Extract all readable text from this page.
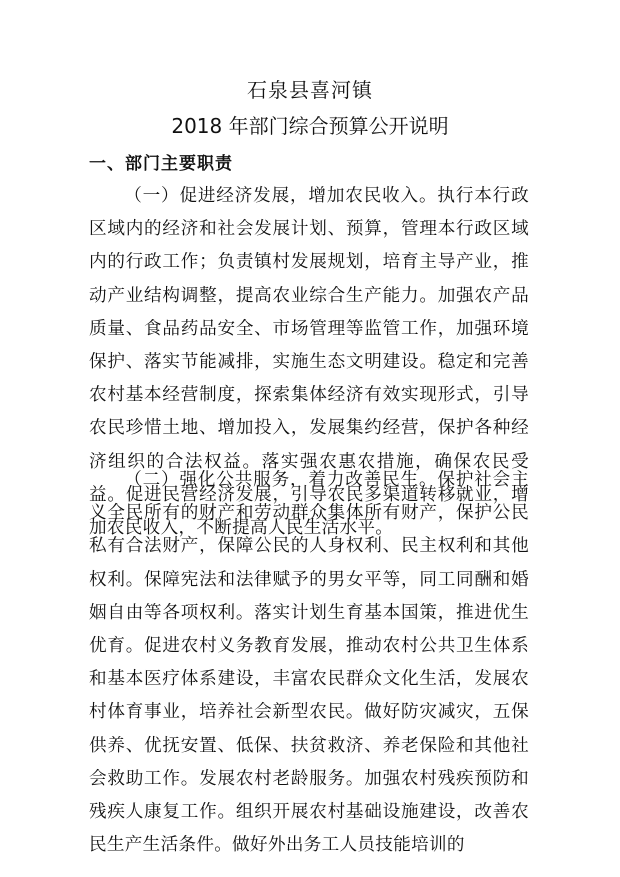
石泉县喜河镇
2018 年部门综合预算公开说明
一、部门主要职责

（一）促进经济发展，增加农民收入。执行本行政区域内的经济和社会发展计划、预算，管理本行政区域内的行政工作；负责镇村发展规划，培育主导产业，推动产业结构调整，提高农业综合生产能力。加强农产品质量、食品药品安全、市场管理等监管工作，加强环境保护、落实节能减排，实施生态文明建设。稳定和完善农村基本经营制度，探索集体经济有效实现形式，引导农民珍惜土地、增加投入，发展集约经营，保护各种经济组织的合法权益。落实强农惠农措施，确保农民受益。促进民营经济发展，引导农民多渠道转移就业，增加农民收入，不断提高人民生活水平。

（二）强化公共服务，着力改善民生。保护社会主义全民所有的财产和劳动群众集体所有财产，保护公民私有合法财产，保障公民的人身权利、民主权利和其他权利。保障宪法和法律赋予的男女平等，同工同酬和婚姻自由等各项权利。落实计划生育基本国策，推进优生优育。促进农村义务教育发展，推动农村公共卫生体系和基本医疗体系建设，丰富农民群众文化生活，发展农村体育事业，培养社会新型农民。做好防灾减灾，五保供养、优抚安置、低保、扶贫救济、养老保险和其他社会救助工作。发展农村老龄服务。加强农村残疾预防和残疾人康复工作。组织开展农村基础设施建设，改善农民生产生活条件。做好外出务工人员技能培训的
